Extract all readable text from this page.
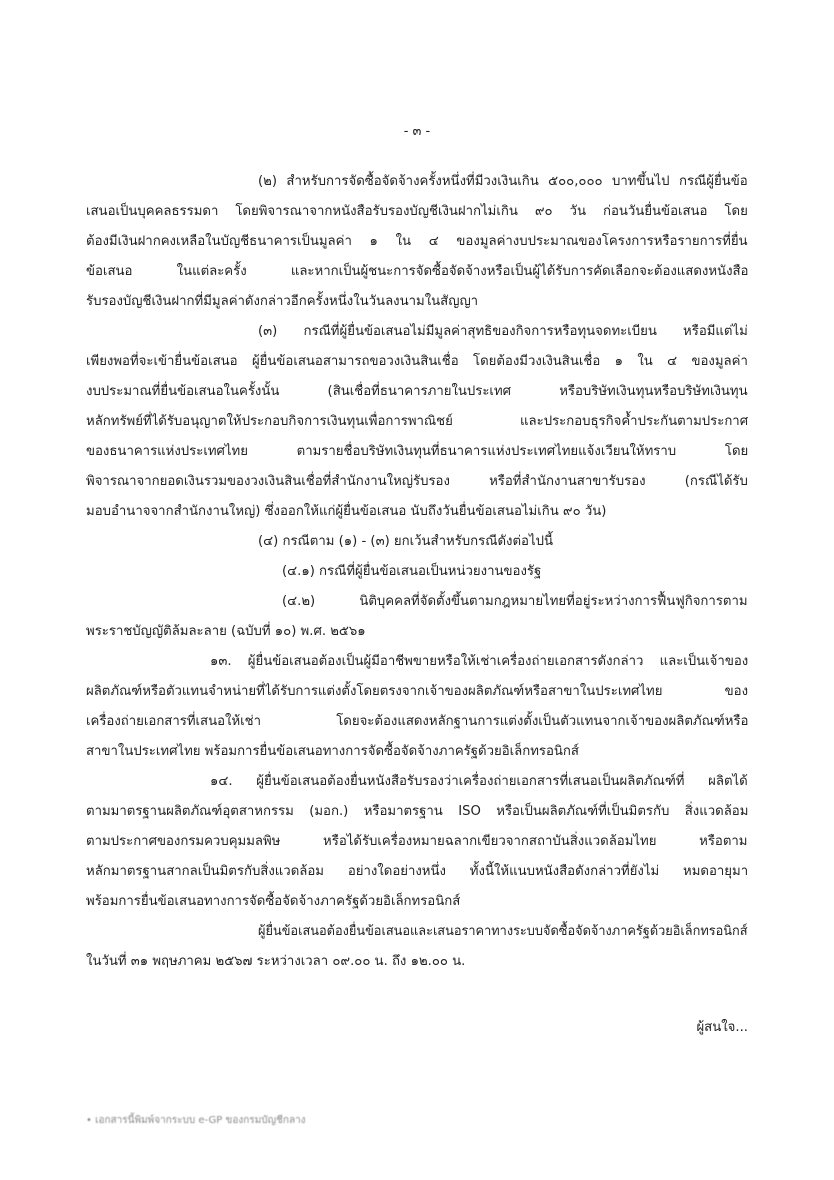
- ๓ -
(๒) สำหรับการจัดซื้อจัดจ้างครั้งหนึ่งที่มีวงเงินเกิน ๕๐๐,๐๐๐ บาทขึ้นไป กรณีผู้ยื่นข้อ
เสนอเป็นบุคคลธรรมดา โดยพิจารณาจากหนังสือรับรองบัญชีเงินฝากไม่เกิน ๙๐ วัน ก่อนวันยื่นข้อเสนอ โดย
ต้องมีเงินฝากคงเหลือในบัญชีธนาคารเป็นมูลค่า ๑ ใน ๔ ของมูลค่างบประมาณของโครงการหรือรายการที่ยื่น
ข้อเสนอ ในแต่ละครั้ง และหากเป็นผู้ชนะการจัดซื้อจัดจ้างหรือเป็นผู้ได้รับการคัดเลือกจะต้องแสดงหนังสือ
รับรองบัญชีเงินฝากที่มีมูลค่าดังกล่าวอีกครั้งหนึ่งในวันลงนามในสัญญา
(๓) กรณีที่ผู้ยื่นข้อเสนอไม่มีมูลค่าสุทธิของกิจการหรือทุนจดทะเบียน หรือมีแต่ไม่
เพียงพอที่จะเข้ายื่นข้อเสนอ ผู้ยื่นข้อเสนอสามารถขอวงเงินสินเชื่อ โดยต้องมีวงเงินสินเชื่อ ๑ ใน ๔ ของมูลค่า
งบประมาณที่ยื่นข้อเสนอในครั้งนั้น (สินเชื่อที่ธนาคารภายในประเทศ หรือบริษัทเงินทุนหรือบริษัทเงินทุน
หลักทรัพย์ที่ได้รับอนุญาตให้ประกอบกิจการเงินทุนเพื่อการพาณิชย์ และประกอบธุรกิจค้ำประกันตามประกาศ
ของธนาคารแห่งประเทศไทย ตามรายชื่อบริษัทเงินทุนที่ธนาคารแห่งประเทศไทยแจ้งเวียนให้ทราบ โดย
พิจารณาจากยอดเงินรวมของวงเงินสินเชื่อที่สำนักงานใหญ่รับรอง หรือที่สำนักงานสาขารับรอง (กรณีได้รับ
มอบอำนาจจากสำนักงานใหญ่) ซึ่งออกให้แก่ผู้ยื่นข้อเสนอ นับถึงวันยื่นข้อเสนอไม่เกิน ๙๐ วัน)
(๔) กรณีตาม (๑) - (๓) ยกเว้นสำหรับกรณีดังต่อไปนี้
(๔.๑) กรณีที่ผู้ยื่นข้อเสนอเป็นหน่วยงานของรัฐ
(๔.๒) นิติบุคคลที่จัดตั้งขึ้นตามกฎหมายไทยที่อยู่ระหว่างการฟื้นฟูกิจการตาม
พระราชบัญญัติล้มละลาย (ฉบับที่ ๑๐) พ.ศ. ๒๕๖๑
๑๓. ผู้ยื่นข้อเสนอต้องเป็นผู้มีอาชีพขายหรือให้เช่าเครื่องถ่ายเอกสารดังกล่าว และเป็นเจ้าของ
ผลิตภัณฑ์หรือตัวแทนจำหน่ายที่ได้รับการแต่งตั้งโดยตรงจากเจ้าของผลิตภัณฑ์หรือสาขาในประเทศไทย ของ
เครื่องถ่ายเอกสารที่เสนอให้เช่า โดยจะต้องแสดงหลักฐานการแต่งตั้งเป็นตัวแทนจากเจ้าของผลิตภัณฑ์หรือ
สาขาในประเทศไทย พร้อมการยื่นข้อเสนอทางการจัดซื้อจัดจ้างภาครัฐด้วยอิเล็กทรอนิกส์
๑๔. ผู้ยื่นข้อเสนอต้องยื่นหนังสือรับรองว่าเครื่องถ่ายเอกสารที่เสนอเป็นผลิตภัณฑ์ที่ ผลิตได้
ตามมาตรฐานผลิตภัณฑ์อุตสาหกรรม (มอก.) หรือมาตรฐาน ISO หรือเป็นผลิตภัณฑ์ที่เป็นมิตรกับ สิ่งแวดล้อม
ตามประกาศของกรมควบคุมมลพิษ หรือได้รับเครื่องหมายฉลากเขียวจากสถาบันสิ่งแวดล้อมไทย หรือตาม
หลักมาตรฐานสากลเป็นมิตรกับสิ่งแวดล้อม อย่างใดอย่างหนึ่ง ทั้งนี้ให้แนบหนังสือดังกล่าวที่ยังไม่ หมดอายุมา
พร้อมการยื่นข้อเสนอทางการจัดซื้อจัดจ้างภาครัฐด้วยอิเล็กทรอนิกส์
ผู้ยื่นข้อเสนอต้องยื่นข้อเสนอและเสนอราคาทางระบบจัดซื้อจัดจ้างภาครัฐด้วยอิเล็กทรอนิกส์
ในวันที่ ๓๑ พฤษภาคม ๒๕๖๗ ระหว่างเวลา ๐๙.๐๐ น. ถึง ๑๒.๐๐ น.
ผู้สนใจ...
• เอกสารนี้พิมพ์จากระบบ e-GP ของกรมบัญชีกลาง
